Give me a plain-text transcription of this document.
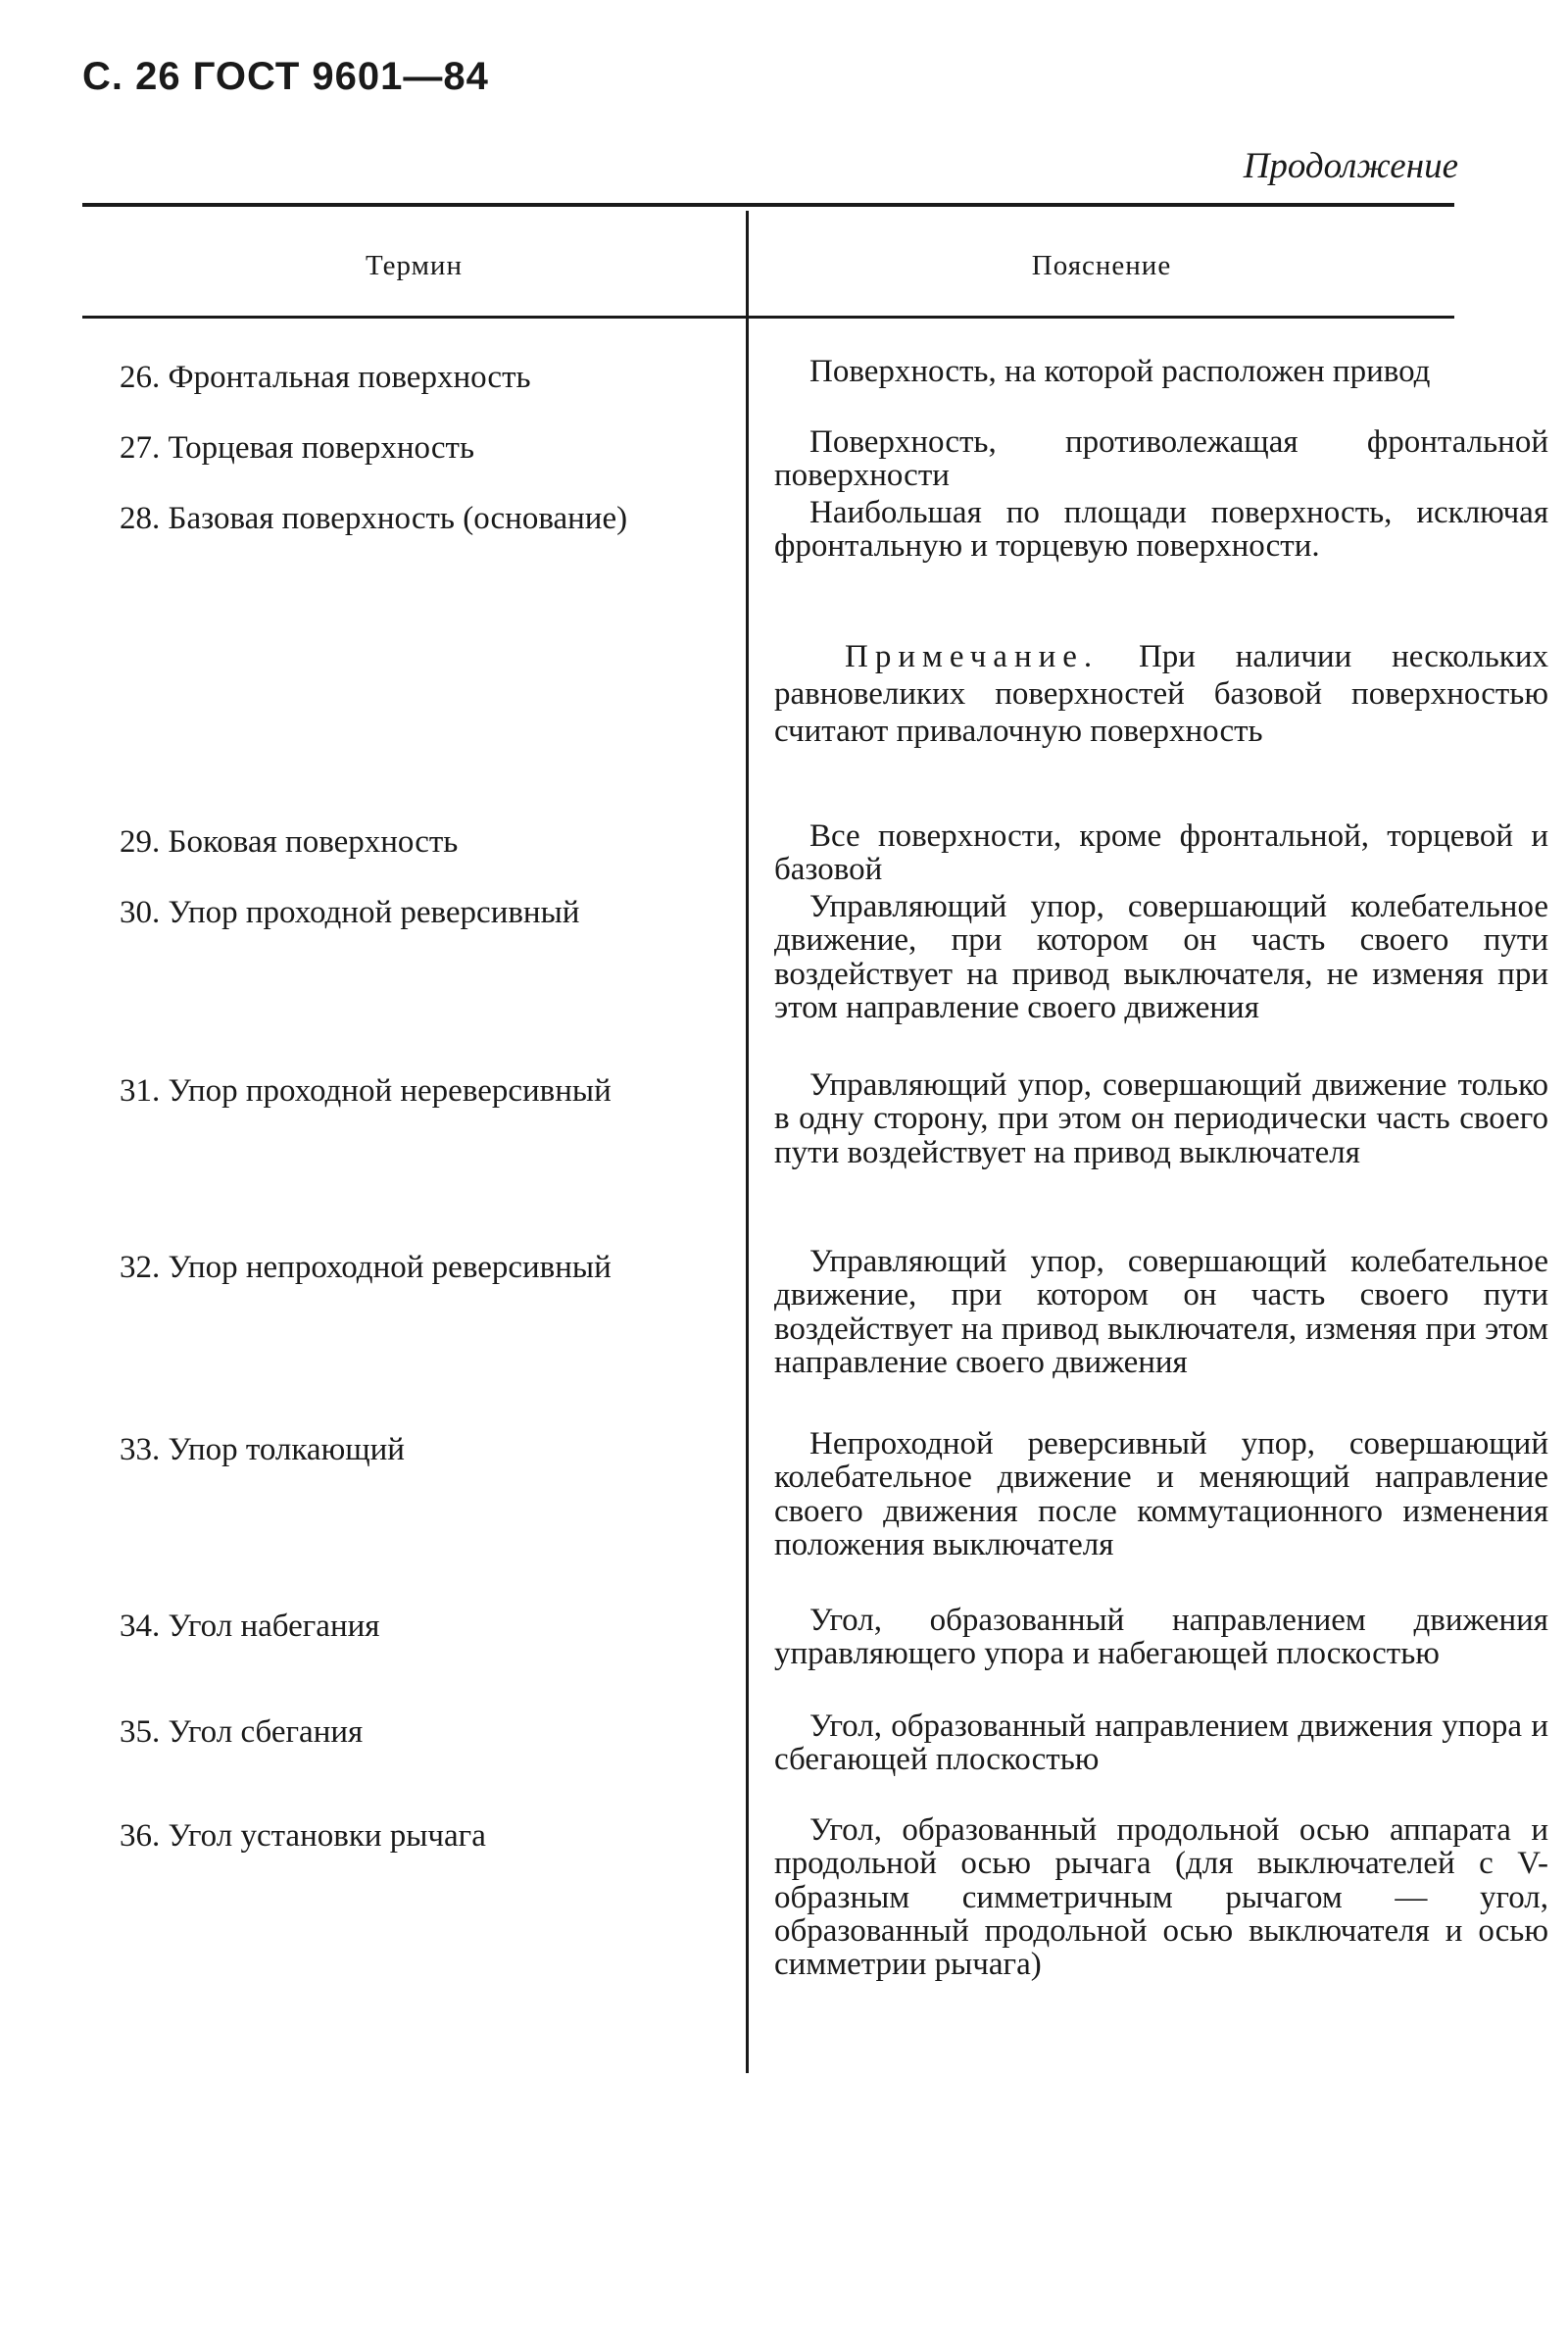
С. 26 ГОСТ 9601—84
Продолжение
Термин	Пояснение
26. Фронтальная поверхность	Поверхность, на которой расположен привод
27. Торцевая поверхность	Поверхность, противолежащая фронтальной поверхности
28. Базовая поверхность (основание)	Наибольшая по площади поверхность, исключая фронтальную и торцевую поверхности.
Примечание. При наличии нескольких равновеликих поверхностей базовой поверхностью считают привалочную поверхность
29. Боковая поверхность	Все поверхности, кроме фронтальной, торцевой и базовой
30. Упор проходной реверсивный	Управляющий упор, совершающий колебательное движение, при котором он часть своего пути воздействует на привод выключателя, не изменяя при этом направление своего движения
31. Упор проходной нереверсивный	Управляющий упор, совершающий движение только в одну сторону, при этом он периодически часть своего пути воздействует на привод выключателя
32. Упор непроходной реверсивный	Управляющий упор, совершающий колебательное движение, при котором он часть своего пути воздействует на привод выключателя, изменяя при этом направление своего движения
33. Упор толкающий	Непроходной реверсивный упор, совершающий колебательное движение и меняющий направление своего движения после коммутационного изменения положения выключателя
34. Угол набегания	Угол, образованный направлением движения управляющего упора и набегающей плоскостью
35. Угол сбегания	Угол, образованный направлением движения упора и сбегающей плоскостью
36. Угол установки рычага	Угол, образованный продольной осью аппарата и продольной осью рычага (для выключателей с V-образным симметричным рычагом — угол, образованный продольной осью выключателя и осью симметрии рычага)
